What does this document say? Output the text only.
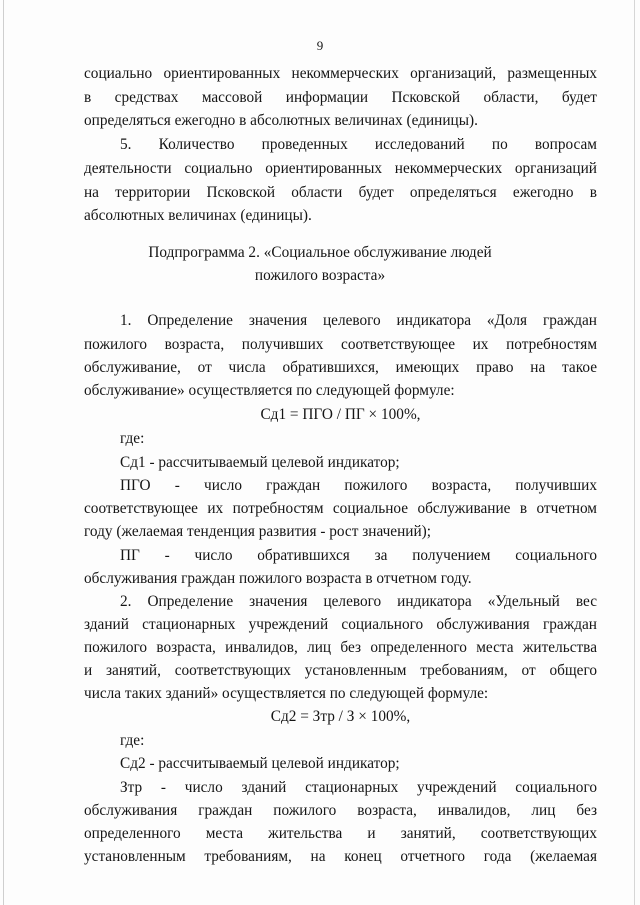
9
социально ориентированных некоммерческих организаций, размещенных
в средствах массовой информации Псковской области, будет
определяться ежегодно в абсолютных величинах (единицы).
5. Количество проведенных исследований по вопросам
деятельности социально ориентированных некоммерческих организаций
на территории Псковской области будет определяться ежегодно в
абсолютных величинах (единицы).
Подпрограмма 2. «Социальное обслуживание людей
пожилого возраста»
1. Определение значения целевого индикатора «Доля граждан
пожилого возраста, получивших соответствующее их потребностям
обслуживание, от числа обратившихся, имеющих право на такое
обслуживание» осуществляется по следующей формуле:
Сд1 = ПГО / ПГ × 100%,
где:
Сд1 - рассчитываемый целевой индикатор;
ПГО - число граждан пожилого возраста, получивших
соответствующее их потребностям социальное обслуживание в отчетном
году (желаемая тенденция развития - рост значений);
ПГ - число обратившихся за получением социального
обслуживания граждан пожилого возраста в отчетном году.
2. Определение значения целевого индикатора «Удельный вес
зданий стационарных учреждений социального обслуживания граждан
пожилого возраста, инвалидов, лиц без определенного места жительства
и занятий, соответствующих установленным требованиям, от общего
числа таких зданий» осуществляется по следующей формуле:
Сд2 = Зтр / З × 100%,
где:
Сд2 - рассчитываемый целевой индикатор;
Зтр - число зданий стационарных учреждений социального
обслуживания граждан пожилого возраста, инвалидов, лиц без
определенного места жительства и занятий, соответствующих
установленным требованиям, на конец отчетного года (желаемая
